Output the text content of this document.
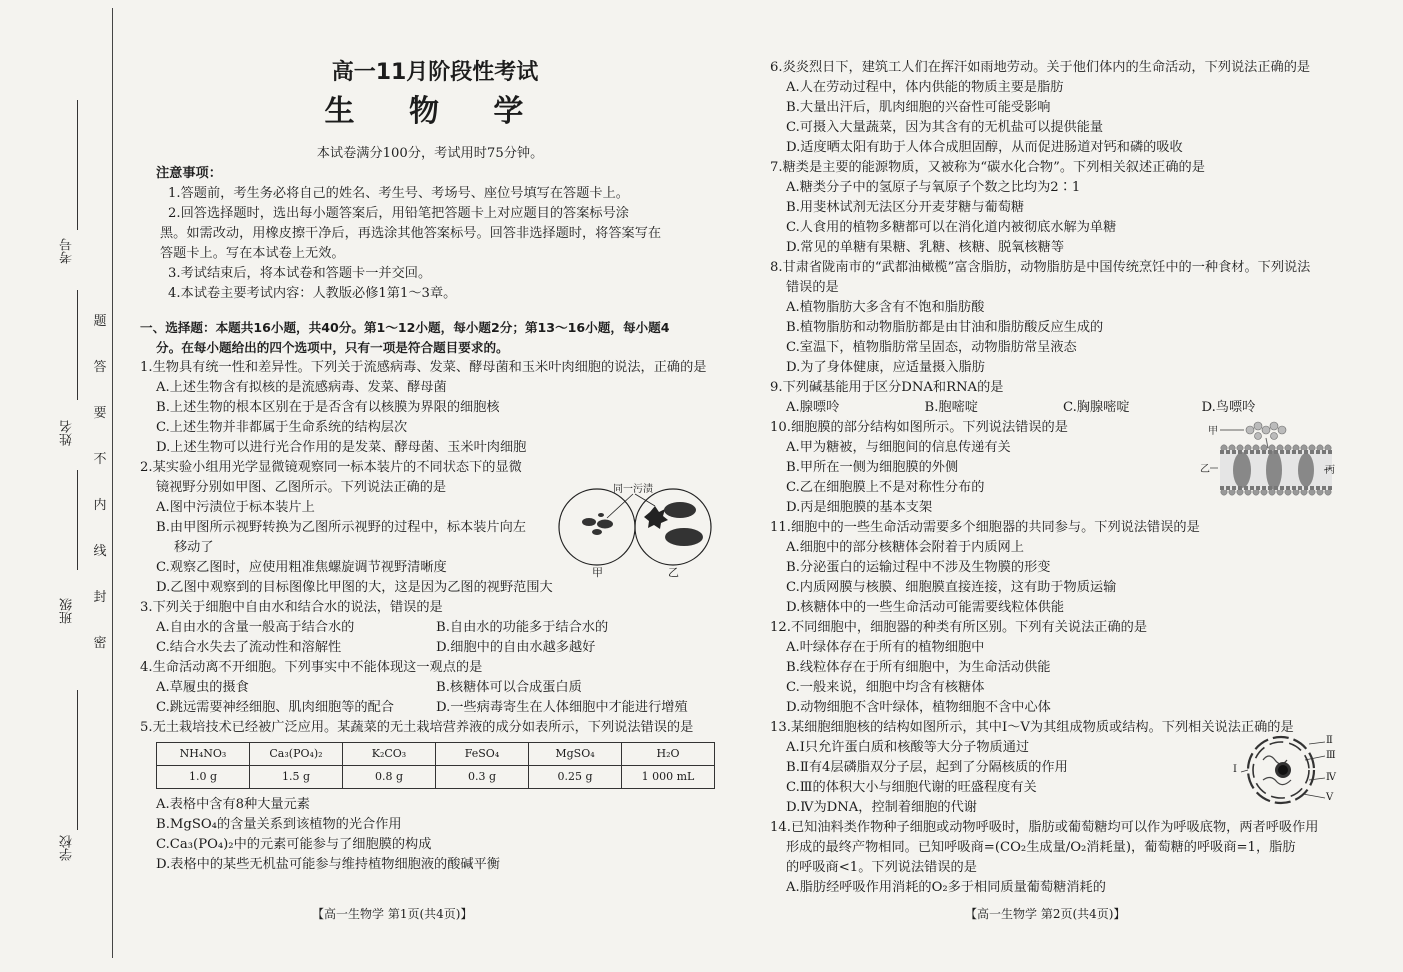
考号
姓名
班级
学校
题
答
要
不
内
线
封
密
高一11月阶段性考试
生 物 学
本试卷满分100分，考试用时75分钟。
注意事项：
1.答题前，考生务必将自己的姓名、考生号、考场号、座位号填写在答题卡上。
2.回答选择题时，选出每小题答案后，用铅笔把答题卡上对应题目的答案标号涂
黑。如需改动，用橡皮擦干净后，再选涂其他答案标号。回答非选择题时，将答案写在
答题卡上。写在本试卷上无效。
3.考试结束后，将本试卷和答题卡一并交回。
4.本试卷主要考试内容：人教版必修1第1～3章。
一、选择题：本题共16小题，共40分。第1～12小题，每小题2分；第13～16小题，每小题4
分。在每小题给出的四个选项中，只有一项是符合题目要求的。
1.生物具有统一性和差异性。下列关于流感病毒、发菜、酵母菌和玉米叶肉细胞的说法，正确的是
A.上述生物含有拟核的是流感病毒、发菜、酵母菌
B.上述生物的根本区别在于是否含有以核膜为界限的细胞核
C.上述生物并非都属于生命系统的结构层次
D.上述生物可以进行光合作用的是发菜、酵母菌、玉米叶肉细胞
2.某实验小组用光学显微镜观察同一标本装片的不同状态下的显微
镜视野分别如甲图、乙图所示。下列说法正确的是
A.图中污渍位于标本装片上
B.由甲图所示视野转换为乙图所示视野的过程中，标本装片向左
移动了
C.观察乙图时，应使用粗准焦螺旋调节视野清晰度
D.乙图中观察到的目标图像比甲图的大，这是因为乙图的视野范围大
3.下列关于细胞中自由水和结合水的说法，错误的是
A.自由水的含量一般高于结合水的	B.自由水的功能多于结合水的
C.结合水失去了流动性和溶解性	D.细胞中的自由水越多越好
4.生命活动离不开细胞。下列事实中不能体现这一观点的是
A.草履虫的摄食	B.核糖体可以合成蛋白质
C.跳远需要神经细胞、肌肉细胞等的配合	D.一些病毒寄生在人体细胞中才能进行增殖
5.无土栽培技术已经被广泛应用。某蔬菜的无土栽培营养液的成分如表所示，下列说法错误的是
NH₄NO₃	Ca₃(PO₄)₂	K₂CO₃	FeSO₄	MgSO₄	H₂O
1.0 g	1.5 g	0.8 g	0.3 g	0.25 g	1 000 mL
A.表格中含有8种大量元素
B.MgSO₄的含量关系到该植物的光合作用
C.Ca₃(PO₄)₂中的元素可能参与了细胞膜的构成
D.表格中的某些无机盐可能参与维持植物细胞液的酸碱平衡
同一污渍
甲	乙
【高一生物学 第1页(共4页)】
6.炎炎烈日下，建筑工人们在挥汗如雨地劳动。关于他们体内的生命活动，下列说法正确的是
A.人在劳动过程中，体内供能的物质主要是脂肪
B.大量出汗后，肌肉细胞的兴奋性可能受影响
C.可摄入大量蔬菜，因为其含有的无机盐可以提供能量
D.适度晒太阳有助于人体合成胆固醇，从而促进肠道对钙和磷的吸收
7.糖类是主要的能源物质，又被称为“碳水化合物”。下列相关叙述正确的是
A.糖类分子中的氢原子与氧原子个数之比均为2∶1
B.用斐林试剂无法区分开麦芽糖与葡萄糖
C.人食用的植物多糖都可以在消化道内被彻底水解为单糖
D.常见的单糖有果糖、乳糖、核糖、脱氧核糖等
8.甘肃省陇南市的“武都油橄榄”富含脂肪，动物脂肪是中国传统烹饪中的一种食材。下列说法
错误的是
A.植物脂肪大多含有不饱和脂肪酸
B.植物脂肪和动物脂肪都是由甘油和脂肪酸反应生成的
C.室温下，植物脂肪常呈固态，动物脂肪常呈液态
D.为了身体健康，应适量摄入脂肪
9.下列碱基能用于区分DNA和RNA的是
A.腺嘌呤	B.胞嘧啶	C.胸腺嘧啶	D.鸟嘌呤
10.细胞膜的部分结构如图所示。下列说法错误的是
A.甲为糖被，与细胞间的信息传递有关
B.甲所在一侧为细胞膜的外侧
C.乙在细胞膜上不是对称性分布的
D.丙是细胞膜的基本支架
11.细胞中的一些生命活动需要多个细胞器的共同参与。下列说法错误的是
A.细胞中的部分核糖体会附着于内质网上
B.分泌蛋白的运输过程中不涉及生物膜的形变
C.内质网膜与核膜、细胞膜直接连接，这有助于物质运输
D.核糖体中的一些生命活动可能需要线粒体供能
12.不同细胞中，细胞器的种类有所区别。下列有关说法正确的是
A.叶绿体存在于所有的植物细胞中
B.线粒体存在于所有细胞中，为生命活动供能
C.一般来说，细胞中均含有核糖体
D.动物细胞不含叶绿体，植物细胞不含中心体
13.某细胞细胞核的结构如图所示，其中Ⅰ～Ⅴ为其组成物质或结构。下列相关说法正确的是
A.Ⅰ只允许蛋白质和核酸等大分子物质通过
B.Ⅱ有4层磷脂双分子层，起到了分隔核质的作用
C.Ⅲ的体积大小与细胞代谢的旺盛程度有关
D.Ⅳ为DNA，控制着细胞的代谢
14.已知油料类作物种子细胞或动物呼吸时，脂肪或葡萄糖均可以作为呼吸底物，两者呼吸作用
形成的最终产物相同。已知呼吸商=(CO₂生成量/O₂消耗量)，葡萄糖的呼吸商=1，脂肪
的呼吸商<1。下列说法错误的是
A.脂肪经呼吸作用消耗的O₂多于相同质量葡萄糖消耗的
甲
乙	丙
Ⅰ
Ⅱ
Ⅲ
Ⅳ
Ⅴ
【高一生物学 第2页(共4页)】
